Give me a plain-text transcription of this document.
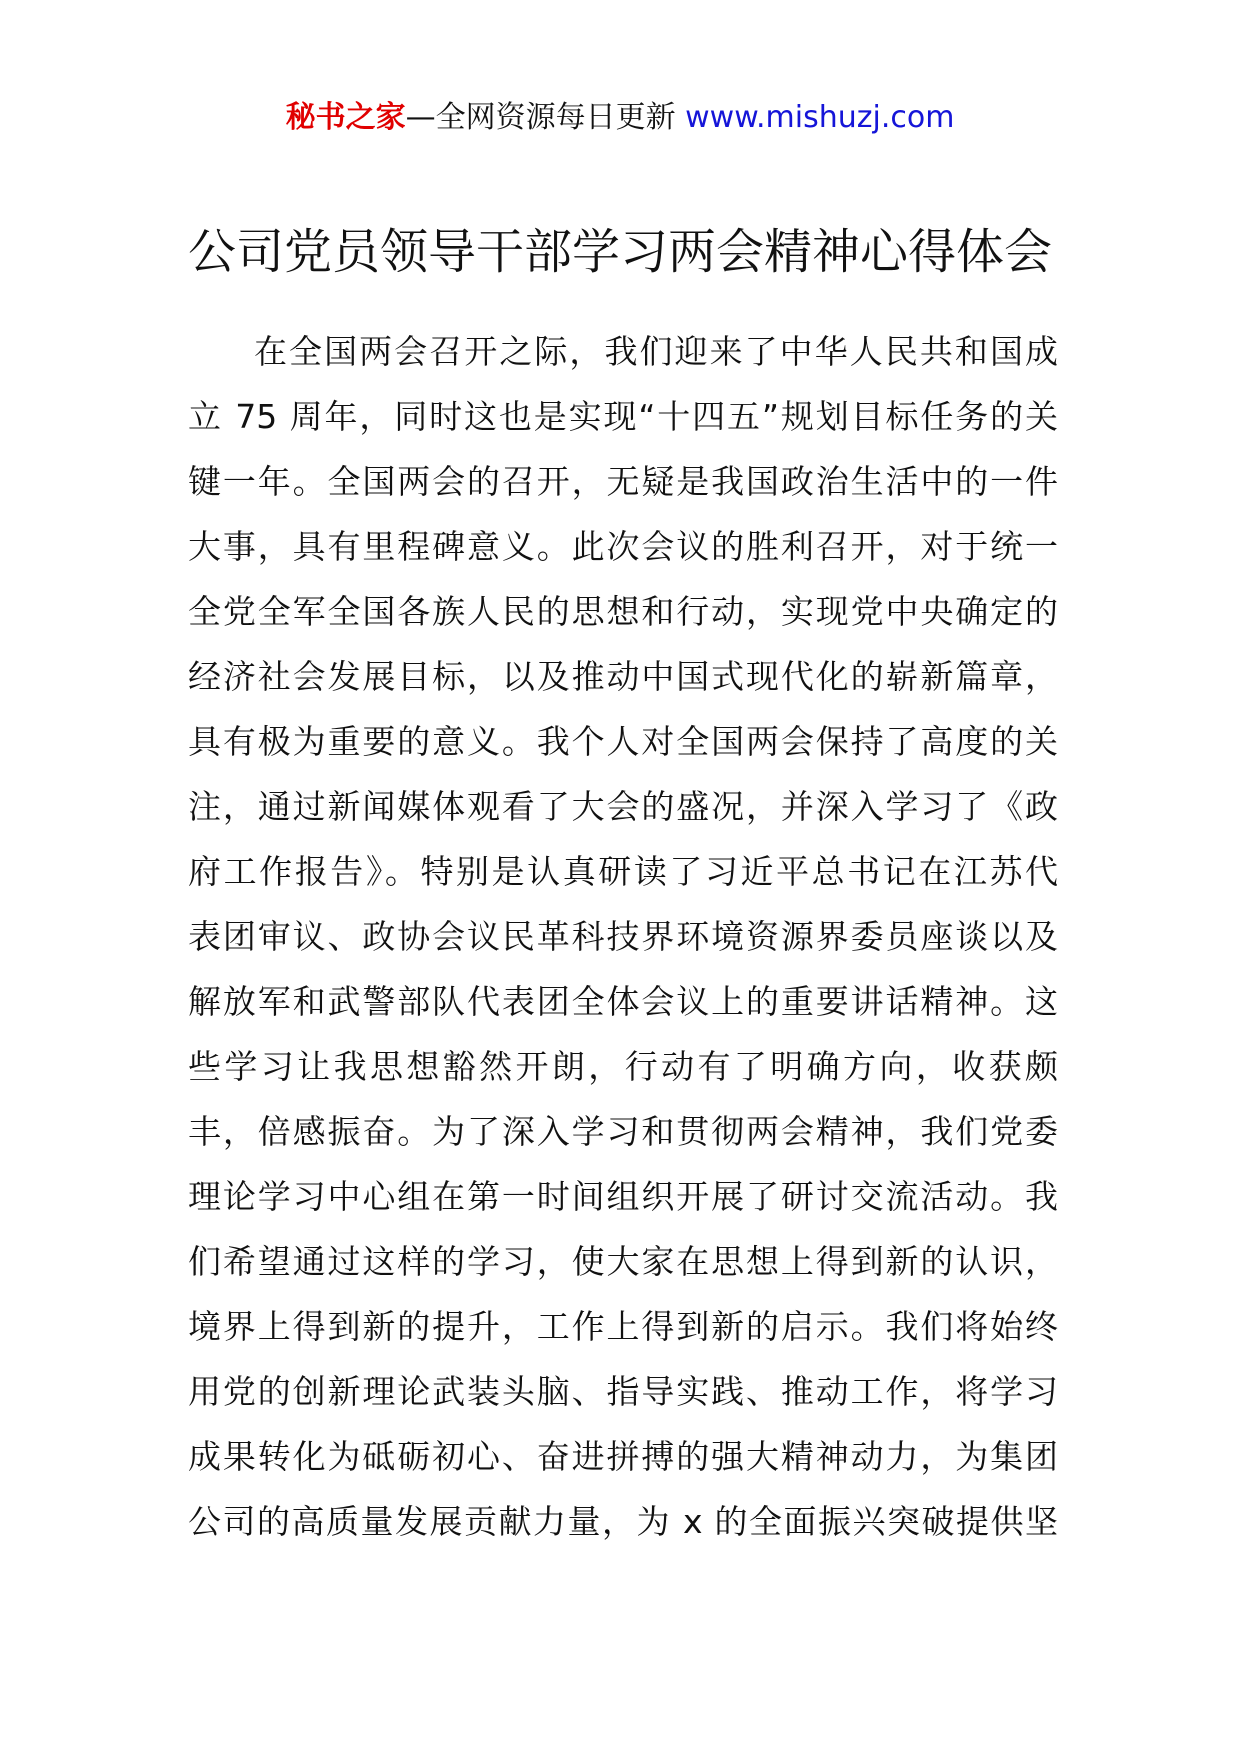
秘书之家—全网资源每日更新 www.mishuzj.com
公司党员领导干部学习两会精神心得体会
在全国两会召开之际，我们迎来了中华人民共和国成
立 75 周年，同时这也是实现“十四五”规划目标任务的关
键一年。全国两会的召开，无疑是我国政治生活中的一件
大事，具有里程碑意义。此次会议的胜利召开，对于统一
全党全军全国各族人民的思想和行动，实现党中央确定的
经济社会发展目标，以及推动中国式现代化的崭新篇章，
具有极为重要的意义。我个人对全国两会保持了高度的关
注，通过新闻媒体观看了大会的盛况，并深入学习了《政
府工作报告》。特别是认真研读了习近平总书记在江苏代
表团审议、政协会议民革科技界环境资源界委员座谈以及
解放军和武警部队代表团全体会议上的重要讲话精神。这
些学习让我思想豁然开朗，行动有了明确方向，收获颇
丰，倍感振奋。为了深入学习和贯彻两会精神，我们党委
理论学习中心组在第一时间组织开展了研讨交流活动。我
们希望通过这样的学习，使大家在思想上得到新的认识，
境界上得到新的提升，工作上得到新的启示。我们将始终
用党的创新理论武装头脑、指导实践、推动工作，将学习
成果转化为砥砺初心、奋进拼搏的强大精神动力，为集团
公司的高质量发展贡献力量，为 x 的全面振兴突破提供坚
